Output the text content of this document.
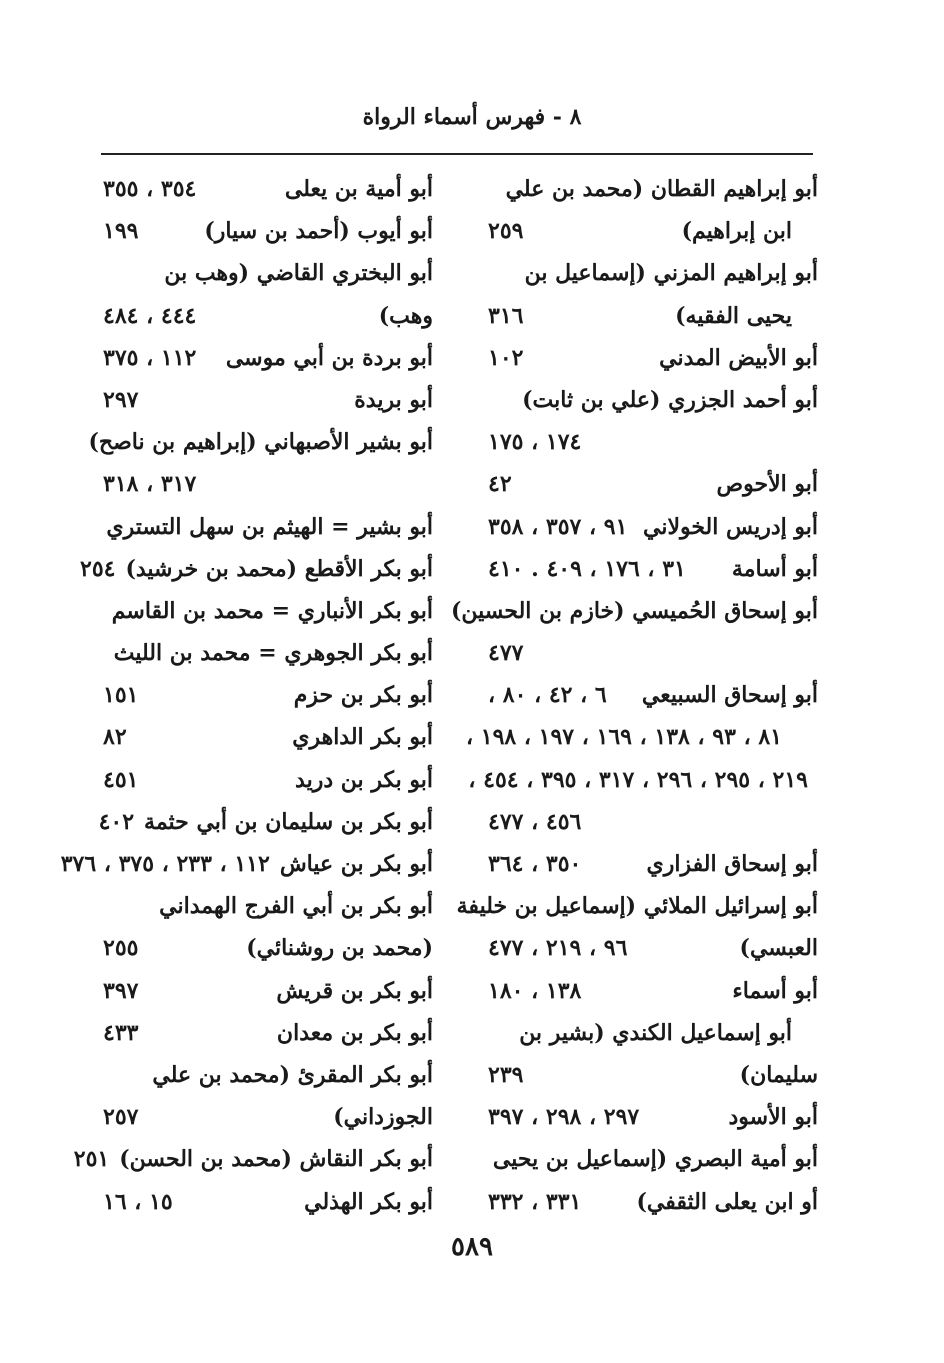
٨ - فهرس أسماء الرواة
أبو إبراهيم القطان (محمد بن علي
ابن إبراهيم)
٢٥٩
أبو إبراهيم المزني (إسماعيل بن
يحيى الفقيه)
٣١٦
أبو الأبيض المدني
١٠٢
أبو أحمد الجزري (علي بن ثابت)
١٧٤ ، ١٧٥
أبو الأحوص
٤٢
أبو إدريس الخولاني
٩١ ، ٣٥٧ ، ٣٥٨
أبو أسامة
٣١ ، ١٧٦ ، ٤٠٩ . ٤١٠
أبو إسحاق الحُميسي (خازم بن الحسين)
٤٧٧
أبو إسحاق السبيعي
٦ ، ٤٢ ، ٨٠ ،
٨١ ، ٩٣ ، ١٣٨ ، ١٦٩ ، ١٩٧ ، ١٩٨ ،
٢١٩ ، ٢٩٥ ، ٢٩٦ ، ٣١٧ ، ٣٩٥ ، ٤٥٤ ،
٤٥٦ ، ٤٧٧
أبو إسحاق الفزاري
٣٥٠ ، ٣٦٤
أبو إسرائيل الملائي (إسماعيل بن خليفة
العبسي)
٩٦ ، ٢١٩ ، ٤٧٧
أبو أسماء
١٣٨ ، ١٨٠
أبو إسماعيل الكندي (بشير بن
سليمان)
٢٣٩
أبو الأسود
٢٩٧ ، ٢٩٨ ، ٣٩٧
أبو أمية البصري (إسماعيل بن يحيى
أو ابن يعلى الثقفي)
٣٣١ ، ٣٣٢
أبو أمية بن يعلى
٣٥٤ ، ٣٥٥
أبو أيوب (أحمد بن سيار)
١٩٩
أبو البختري القاضي (وهب بن
وهب)
٤٤٤ ، ٤٨٤
أبو بردة بن أبي موسى
١١٢ ، ٣٧٥
أبو بريدة
٢٩٧
أبو بشير الأصبهاني (إبراهيم بن ناصح)
٣١٧ ، ٣١٨
أبو بشير = الهيثم بن سهل التستري
أبو بكر الأقطع (محمد بن خرشيد)
٢٥٤
أبو بكر الأنباري = محمد بن القاسم
أبو بكر الجوهري = محمد بن الليث
أبو بكر بن حزم
١٥١
أبو بكر الداهري
٨٢
أبو بكر بن دريد
٤٥١
أبو بكر بن سليمان بن أبي حثمة
٤٠٢
أبو بكر بن عياش
١١٢ ، ٢٣٣ ، ٣٧٥ ، ٣٧٦
أبو بكر بن أبي الفرج الهمداني
(محمد بن روشنائي)
٢٥٥
أبو بكر بن قريش
٣٩٧
أبو بكر بن معدان
٤٣٣
أبو بكر المقرئ (محمد بن علي
الجوزداني)
٢٥٧
أبو بكر النقاش (محمد بن الحسن)
٢٥١
أبو بكر الهذلي
١٥ ، ١٦
٥٨٩
